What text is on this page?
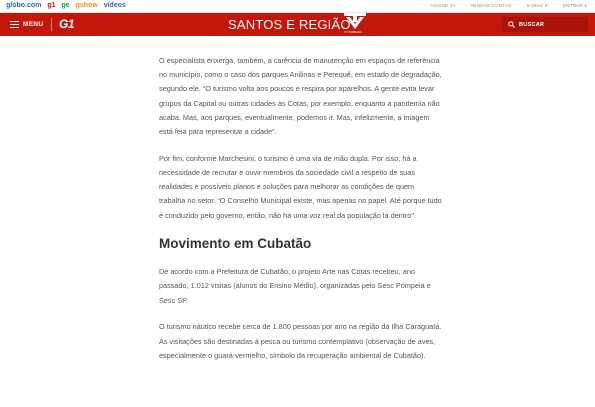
globo.com g1 ge gshow vídeos	ASSINE JÁ	MINHAS CONTAS	E-MAIL ▾	ENTRAR ▾
MENU G1	SANTOS E REGIÃO
TV TRIBUNA
BUSCAR

O especialista enxerga, também, a carência de manutenção em espaços de referência no município, como o caso dos parques Anilinas e Perequê, em estado de degradação, segundo ele. “O turismo volta aos poucos e respira por aparelhos. A gente evita levar grupos da Capital ou outras cidades às Cotas, por exemplo, enquanto a pandemia não acaba. Mas, aos parques, eventualmente, podemos ir. Mas, infelizmente, a imagem está feia para representar a cidade”.

Por fim, conforme Marchesini, o turismo é uma via de mão dupla. Por isso, há a necessidade de recrutar e ouvir membros da sociedade civil a respeito de suas realidades e possíveis planos e soluções para melhorar as condições de quem trabalha no setor. “O Conselho Municipal existe, mas apenas no papel. Até porque tudo é conduzido pelo governo, então, não há uma voz real da população lá dentro”.

Movimento em Cubatão

De acordo com a Prefeitura de Cubatão, o projeto Arte nas Cotas recebeu, ano passado, 1.012 visitas (alunos do Ensino Médio), organizadas pelo Sesc Pompeia e Sesc SP.

O turismo náutico recebe cerca de 1.800 pessoas por ano na região da Ilha Caraguatá. As visitações são destinadas à pesca ou turismo contemplativo (observação de aves, especialmente o guará-vermelho, símbolo da recuperação ambiental de Cubatão).
